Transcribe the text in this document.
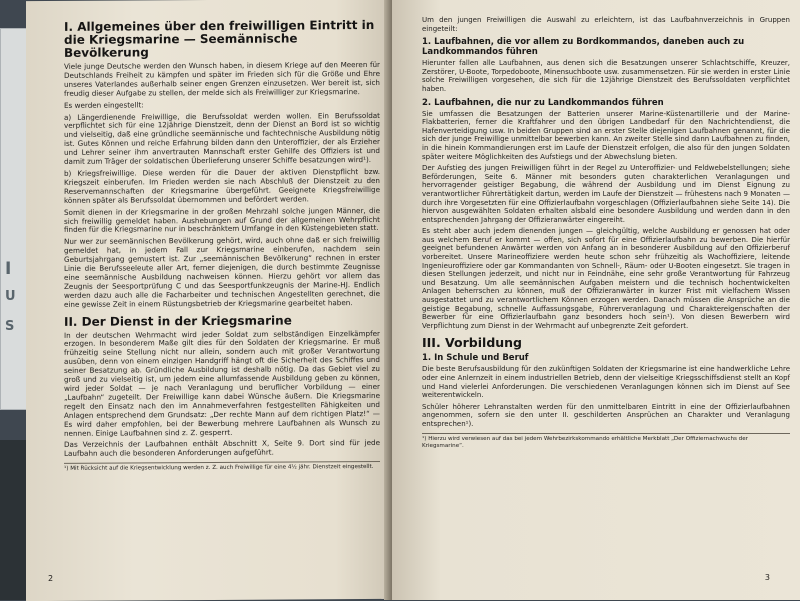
I
U
S
I. Allgemeines über den freiwilligen Eintritt in die Kriegsmarine — Seemännische Bevölkerung

Viele junge Deutsche werden den Wunsch haben, in diesem Kriege auf den Meeren für Deutschlands Freiheit zu kämpfen und später im Frieden sich für die Größe und Ehre unseres Vaterlandes außerhalb seiner engen Grenzen einzusetzen. Wer bereit ist, sich freudig dieser Aufgabe zu stellen, der melde sich als Freiwilliger zur Kriegsmarine.

Es werden eingestellt:

a) Längerdienende Freiwillige, die Berufssoldat werden wollen. Ein Berufssoldat verpflichtet sich für eine 12jährige Dienstzeit, denn der Dienst an Bord ist so wichtig und vielseitig, daß eine gründliche seemännische und fachtechnische Ausbildung nötig ist. Gutes Können und reiche Erfahrung bilden dann den Unteroffizier, der als Erzieher und Lehrer seiner ihm anvertrauten Mannschaft erster Gehilfe des Offiziers ist und damit zum Träger der soldatischen Überlieferung unserer Schiffe besatzungen wird¹).

b) Kriegsfreiwillige. Diese werden für die Dauer der aktiven Dienstpflicht bzw. Kriegszeit einberufen. Im Frieden werden sie nach Abschluß der Dienstzeit zu den Reservemannschaften der Kriegsmarine übergeführt. Geeignete Kriegsfreiwillige können später als Berufssoldat übernommen und befördert werden.

Somit dienen in der Kriegsmarine in der großen Mehrzahl solche jungen Männer, die sich freiwillig gemeldet haben. Aushebungen auf Grund der allgemeinen Wehrpflicht finden für die Kriegsmarine nur in beschränktem Umfange in den Küstengebieten statt.

Nur wer zur seemännischen Bevölkerung gehört, wird, auch ohne daß er sich freiwillig gemeldet hat, in jedem Fall zur Kriegsmarine einberufen, nachdem sein Geburtsjahrgang gemustert ist. Zur „seemännischen Bevölkerung“ rechnen in erster Linie die Berufsseeleute aller Art, ferner diejenigen, die durch bestimmte Zeugnisse eine seemännische Ausbildung nachweisen können. Hierzu gehört vor allem das Zeugnis der Seesportprüfung C und das Seesportfunkzeugnis der Marine-HJ. Endlich werden dazu auch alle die Facharbeiter und technischen Angestellten gerechnet, die eine gewisse Zeit in einem Rüstungsbetrieb der Kriegsmarine gearbeitet haben.

II. Der Dienst in der Kriegsmarine

In der deutschen Wehrmacht wird jeder Soldat zum selbständigen Einzelkämpfer erzogen. In besonderem Maße gilt dies für den Soldaten der Kriegsmarine. Er muß frühzeitig seine Stellung nicht nur allein, sondern auch mit großer Verantwortung ausüben, denn von einem einzigen Handgriff hängt oft die Sicherheit des Schiffes und seiner Besatzung ab. Gründliche Ausbildung ist deshalb nötig. Da das Gebiet viel zu groß und zu vielseitig ist, um jedem eine allumfassende Ausbildung geben zu können, wird jeder Soldat — je nach Veranlagung und beruflicher Vorbildung — einer „Laufbahn“ zugeteilt. Der Freiwillige kann dabei Wünsche äußern. Die Kriegsmarine regelt den Einsatz nach den im Annahmeverfahren festgestellten Fähigkeiten und Anlagen entsprechend dem Grundsatz: „Der rechte Mann auf dem richtigen Platz!“ — Es wird daher empfohlen, bei der Bewerbung mehrere Laufbahnen als Wunsch zu nennen. Einige Laufbahnen sind z. Z. gesperrt.

Das Verzeichnis der Laufbahnen enthält Abschnitt X, Seite 9. Dort sind für jede Laufbahn auch die besonderen Anforderungen aufgeführt.

¹) Mit Rücksicht auf die Kriegsentwicklung werden z. Z. auch Freiwillige für eine 4½ jähr. Dienstzeit eingestellt.
2

Um den jungen Freiwilligen die Auswahl zu erleichtern, ist das Laufbahnverzeichnis in Gruppen eingeteilt:

1. Laufbahnen, die vor allem zu Bordkommandos, daneben auch zu Landkommandos führen

Hierunter fallen alle Laufbahnen, aus denen sich die Besatzungen unserer Schlachtschiffe, Kreuzer, Zerstörer, U-Boote, Torpedoboote, Minensuchboote usw. zusammensetzen. Für sie werden in erster Linie solche Freiwilligen vorgesehen, die sich für die 12jährige Dienstzeit des Berufssoldaten verpflichtet haben.

2. Laufbahnen, die nur zu Landkommandos führen

Sie umfassen die Besatzungen der Batterien unserer Marine-Küstenartillerie und der Marine-Flakbatterien, ferner die Kraftfahrer und den übrigen Landbedarf für den Nachrichtendienst, die Hafenverteidigung usw. In beiden Gruppen sind an erster Stelle diejenigen Laufbahnen genannt, für die sich der junge Freiwillige unmittelbar bewerben kann. An zweiter Stelle sind dann Laufbahnen zu finden, in die hinein Kommandierungen erst im Laufe der Dienstzeit erfolgen, die also für den jungen Soldaten später weitere Möglichkeiten des Aufstiegs und der Abwechslung bieten.

Der Aufstieg des jungen Freiwilligen führt in der Regel zu Unteroffizier- und Feldwebelstellungen; siehe Beförderungen, Seite 6. Männer mit besonders guten charakterlichen Veranlagungen und hervorragender geistiger Begabung, die während der Ausbildung und im Dienst Eignung zu verantwortlicher Führertätigkeit dartun, werden im Laufe der Dienstzeit — frühestens nach 9 Monaten — durch ihre Vorgesetzten für eine Offizierlaufbahn vorgeschlagen (Offizierlaufbahnen siehe Seite 14). Die hiervon ausgewählten Soldaten erhalten alsbald eine besondere Ausbildung und werden dann in den entsprechenden Jahrgang der Offizieranwärter eingereiht.

Es steht aber auch jedem dienenden jungen — gleichgültig, welche Ausbildung er genossen hat oder aus welchem Beruf er kommt — offen, sich sofort für eine Offizierlaufbahn zu bewerben. Die hierfür geeignet befundenen Anwärter werden von Anfang an in besonderer Ausbildung auf den Offizierberuf vorbereitet. Unsere Marineoffiziere werden heute schon sehr frühzeitig als Wachoffiziere, leitende Ingenieuroffiziere oder gar Kommandanten von Schnell-, Räum- oder U-Booten eingesetzt. Sie tragen in diesen Stellungen jederzeit, und nicht nur in Feindnähe, eine sehr große Verantwortung für Fahrzeug und Besatzung. Um alle seemännischen Aufgaben meistern und die technisch hochentwickelten Anlagen beherrschen zu können, muß der Offizieranwärter in kurzer Frist mit vielfachem Wissen ausgestattet und zu verantwortlichem Können erzogen werden. Danach müssen die Ansprüche an die geistige Begabung, schnelle Auffassungsgabe, Führerveranlagung und Charaktereigenschaften der Bewerber für eine Offizierlaufbahn ganz besonders hoch sein¹). Von diesen Bewerbern wird Verpflichtung zum Dienst in der Wehrmacht auf unbegrenzte Zeit gefordert.

III. Vorbildung
1. In Schule und Beruf

Die beste Berufsausbildung für den zukünftigen Soldaten der Kriegsmarine ist eine handwerkliche Lehre oder eine Anlernzeit in einem industriellen Betrieb, denn der vielseitige Kriegsschiffsdienst stellt an Kopf und Hand vielerlei Anforderungen. Die verschiedenen Veranlagungen können sich im Dienst auf See weiterentwickeln.

Schüler höherer Lehranstalten werden für den unmittelbaren Eintritt in eine der Offizierlaufbahnen angenommen, sofern sie den unter II. geschilderten Ansprüchen an Charakter und Veranlagung entsprechen¹).

¹) Hierzu wird verwiesen auf das bei jedem Wehrbezirkskommando erhältliche Merkblatt „Der Offiziernachwuchs der Kriegsmarine“.
3
